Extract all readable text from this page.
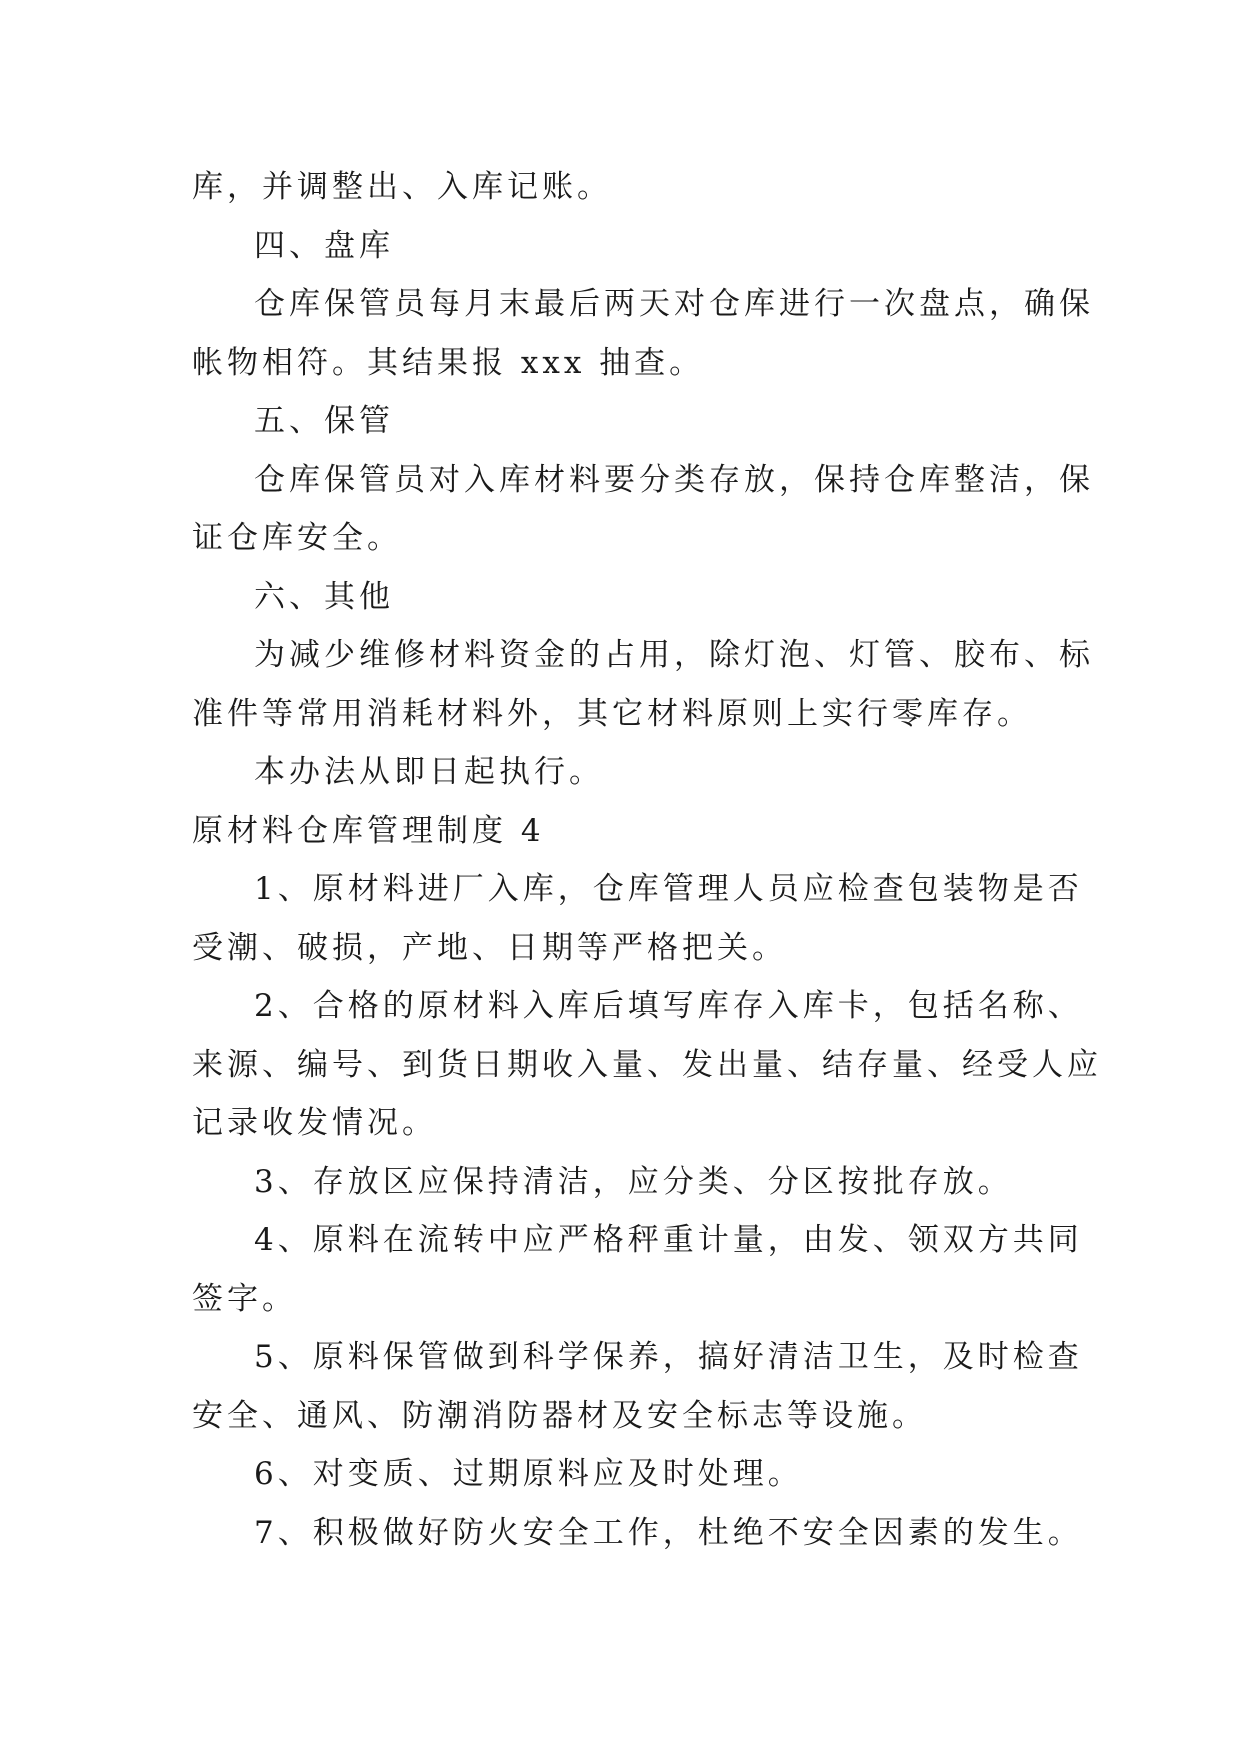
库，并调整出、入库记账。
四、盘库
仓库保管员每月末最后两天对仓库进行一次盘点，确保
帐物相符。其结果报 xxx 抽查。
五、保管
仓库保管员对入库材料要分类存放，保持仓库整洁，保
证仓库安全。
六、其他
为减少维修材料资金的占用，除灯泡、灯管、胶布、标
准件等常用消耗材料外，其它材料原则上实行零库存。
本办法从即日起执行。
原材料仓库管理制度 4
1、原材料进厂入库，仓库管理人员应检查包装物是否
受潮、破损，产地、日期等严格把关。
2、合格的原材料入库后填写库存入库卡，包括名称、
来源、编号、到货日期收入量、发出量、结存量、经受人应
记录收发情况。
3、存放区应保持清洁，应分类、分区按批存放。
4、原料在流转中应严格秤重计量，由发、领双方共同
签字。
5、原料保管做到科学保养，搞好清洁卫生，及时检查
安全、通风、防潮消防器材及安全标志等设施。
6、对变质、过期原料应及时处理。
7、积极做好防火安全工作，杜绝不安全因素的发生。
